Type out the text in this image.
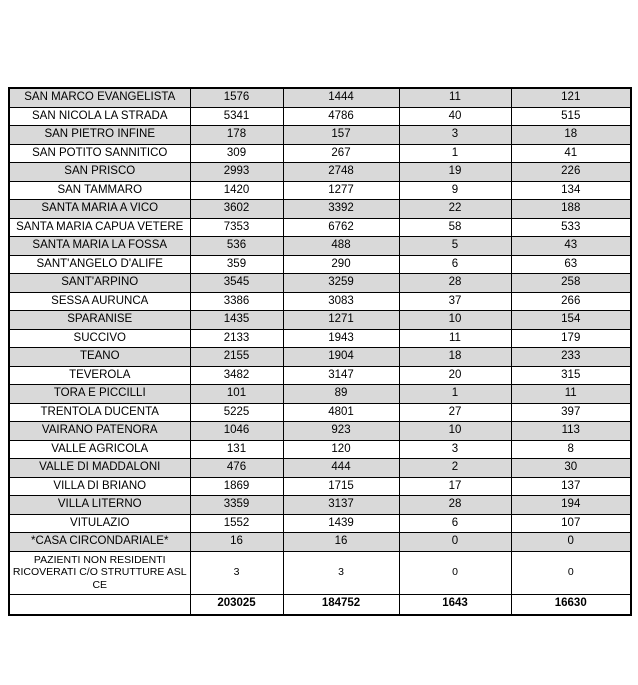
SAN MARCO EVANGELISTA	1576	1444	11	121
SAN NICOLA LA STRADA	5341	4786	40	515
SAN PIETRO INFINE	178	157	3	18
SAN POTITO SANNITICO	309	267	1	41
SAN PRISCO	2993	2748	19	226
SAN TAMMARO	1420	1277	9	134
SANTA MARIA A VICO	3602	3392	22	188
SANTA MARIA CAPUA VETERE	7353	6762	58	533
SANTA MARIA LA FOSSA	536	488	5	43
SANT'ANGELO D'ALIFE	359	290	6	63
SANT'ARPINO	3545	3259	28	258
SESSA AURUNCA	3386	3083	37	266
SPARANISE	1435	1271	10	154
SUCCIVO	2133	1943	11	179
TEANO	2155	1904	18	233
TEVEROLA	3482	3147	20	315
TORA E PICCILLI	101	89	1	11
TRENTOLA DUCENTA	5225	4801	27	397
VAIRANO PATENORA	1046	923	10	113
VALLE AGRICOLA	131	120	3	8
VALLE DI MADDALONI	476	444	2	30
VILLA DI BRIANO	1869	1715	17	137
VILLA LITERNO	3359	3137	28	194
VITULAZIO	1552	1439	6	107
*CASA CIRCONDARIALE*	16	16	0	0
PAZIENTI NON RESIDENTI RICOVERATI C/O STRUTTURE ASL CE	3	3	0	0
	203025	184752	1643	16630
